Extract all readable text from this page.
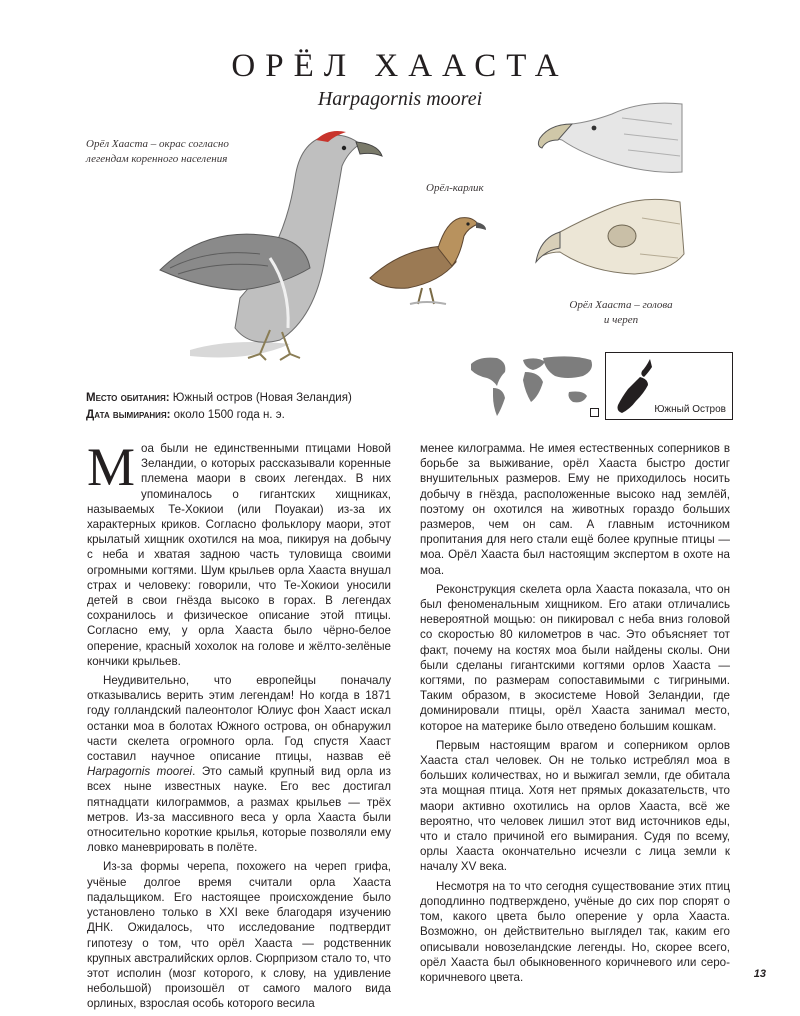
ОРЁЛ ХААСТА
Harpagornis moorei
Орёл Хааста – окрас согласно легендам коренного населения
Орёл-карлик
Орёл Хааста – голова и череп
Южный Остров
Место обитания: Южный остров (Новая Зеландия)
Дата вымирания: около 1500 года н. э.

Моа были не единственными птицами Новой Зеландии, о которых рассказывали коренные племена маори в своих легендах. В них упоминалось о гигантских хищниках, называемых Те-Хокиои (или Поуакаи) из-за их характерных криков. Согласно фольклору маори, этот крылатый хищник охотился на моа, пикируя на добычу с неба и хватая задною часть туловища своими огромными когтями. Шум крыльев орла Хааста внушал страх и человеку: говорили, что Те-Хокиои уносили детей в свои гнёзда высоко в горах. В легендах сохранилось и физическое описание этой птицы. Согласно ему, у орла Хааста было чёрно-белое оперение, красный хохолок на голове и жёлто-зелёные кончики крыльев.

Неудивительно, что европейцы поначалу отказывались верить этим легендам! Но когда в 1871 году голландский палеонтолог Юлиус фон Хааст искал останки моа в болотах Южного острова, он обнаружил части скелета огромного орла. Год спустя Хааст составил научное описание птицы, назвав её Harpagornis moorei. Это самый крупный вид орла из всех ныне известных науке. Его вес достигал пятнадцати килограммов, а размах крыльев — трёх метров. Из-за массивного веса у орла Хааста были относительно короткие крылья, которые позволяли ему ловко маневрировать в полёте.

Из-за формы черепа, похожего на череп грифа, учёные долгое время считали орла Хааста падальщиком. Его настоящее происхождение было установлено только в XXI веке благодаря изучению ДНК. Ожидалось, что исследование подтвердит гипотезу о том, что орёл Хааста — родственник крупных австралийских орлов. Сюрпризом стало то, что этот исполин (мозг которого, к слову, на удивление небольшой) произошёл от самого малого вида орлиных, взрослая особь которого весила

менее килограмма. Не имея естественных соперников в борьбе за выживание, орёл Хааста быстро достиг внушительных размеров. Ему не приходилось носить добычу в гнёзда, расположенные высоко над землёй, поэтому он охотился на животных гораздо больших размеров, чем он сам. А главным источником пропитания для него стали ещё более крупные птицы — моа. Орёл Хааста был настоящим экспертом в охоте на моа.

Реконструкция скелета орла Хааста показала, что он был феноменальным хищником. Его атаки отличались невероятной мощью: он пикировал с неба вниз головой со скоростью 80 километров в час. Это объясняет тот факт, почему на костях моа были найдены сколы. Они были сделаны гигантскими когтями орлов Хааста — когтями, по размерам сопоставимыми с тигриными. Таким образом, в экосистеме Новой Зеландии, где доминировали птицы, орёл Хааста занимал место, которое на материке было отведено большим кошкам.

Первым настоящим врагом и соперником орлов Хааста стал человек. Он не только истреблял моа в больших количествах, но и выжигал земли, где обитала эта мощная птица. Хотя нет прямых доказательств, что маори активно охотились на орлов Хааста, всё же вероятно, что человек лишил этот вид источников еды, что и стало причиной его вымирания. Судя по всему, орлы Хааста окончательно исчезли с лица земли к началу XV века.

Несмотря на то что сегодня существование этих птиц доподлинно подтверждено, учёные до сих пор спорят о том, какого цвета было оперение у орла Хааста. Возможно, он действительно выглядел так, каким его описывали новозеландские легенды. Но, скорее всего, орёл Хааста был обыкновенного коричневого или серо-коричневого цвета.	13
